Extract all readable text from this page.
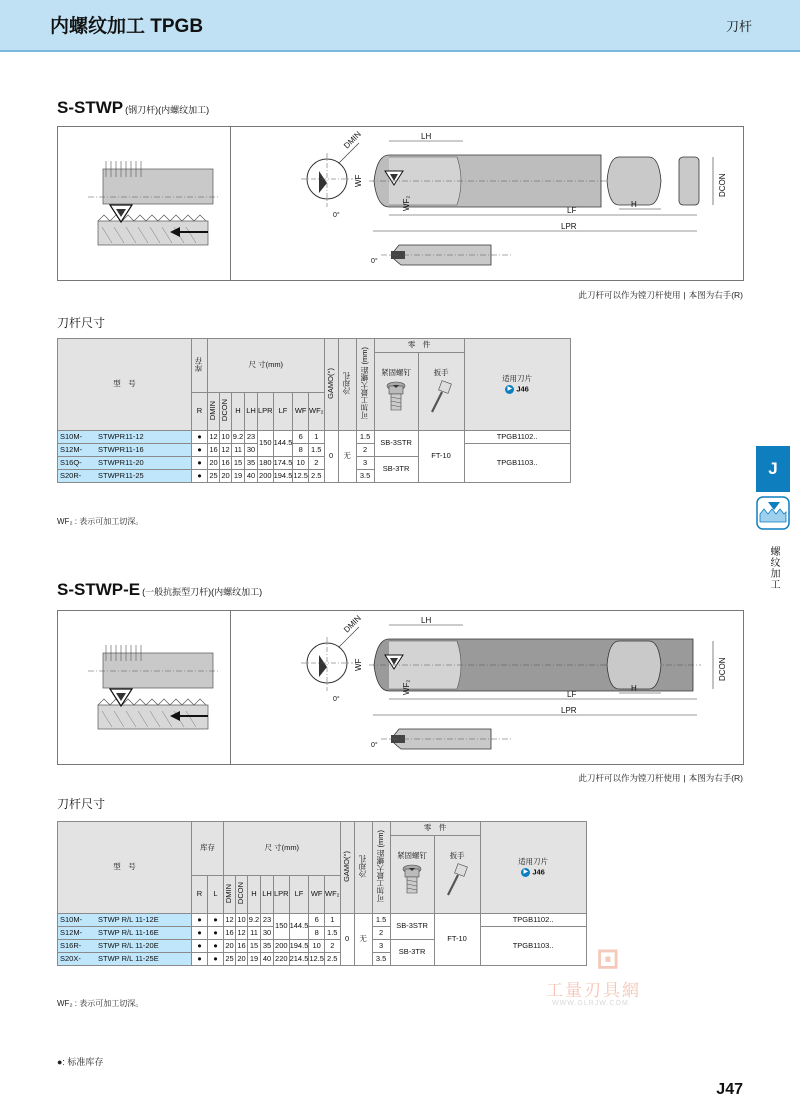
内螺纹加工 TPGB	刀杆
S-STWP (钢刀杆)(内螺纹加工)
DMIN
0°
LH
WF
WF₂	LF
LPR
H
DCON
0°
此刀杆可以作为镗刀杆使用 | 本图为右手(R)
刀杆尺寸
型　号	库存	尺 寸(mm)								GAMO(°)	冷却孔	可加工最大螺距 (mm)	零　件		适用刀片
▶ J46

													紧固螺钉	扳手	

	R	DMIN	DCON	H	LH	LPR	LF	WF	WF₂						
S10M- STWPR11-12	●	12	10	9.2	23	150	144.5	6	1	0	无	1.5	SB-3STR	FT-10	TPGB1102..
S12M- STWPR11-16	●	16	12	11	30			8	1.5			2			TPGB1103..
S16Q- STWPR11-20	●	20	16	15	35	180	174.5	10	2			3	SB-3TR		
S20R- STWPR11-25	●	25	20	19	40	200	194.5	12.5	2.5			3.5			
WF₂ : 表示可加工切深。
S-STWP-E (一般抗振型刀杆)(内螺纹加工)
DMIN
0°
LH
WF
WF₂	LF
LPR
H
DCON
0°
此刀杆可以作为镗刀杆使用 | 本图为右手(R)
刀杆尺寸
型　号	库存		尺 寸(mm)								GAMO(°)	冷却孔	可加工最大螺距 (mm)	零　件		适用刀片
▶ J46

														紧固螺钉	扳手	

	R	L	DMIN	DCON	H	LH	LPR	LF	WF	WF₂						
S10M- STWP R/L 11-12E	●	●	12	10	9.2	23	150	144.5	6	1	0	无	1.5	SB-3STR	FT-10	TPGB1102..
S12M- STWP R/L 11-16E	●	●	16	12	11	30			8	1.5			2			TPGB1103..
S16R- STWP R/L 11-20E	●	●	20	16	15	35	200	194.5	10	2			3	SB-3TR		
S20X- STWP R/L 11-25E	●	●	25	20	19	40	220	214.5	12.5	2.5			3.5			
WF₂ : 表示可加工切深。
J
螺纹加工
⊡
工量刃具網
WWW.GLRJW.COM
●: 标准库存
J47
